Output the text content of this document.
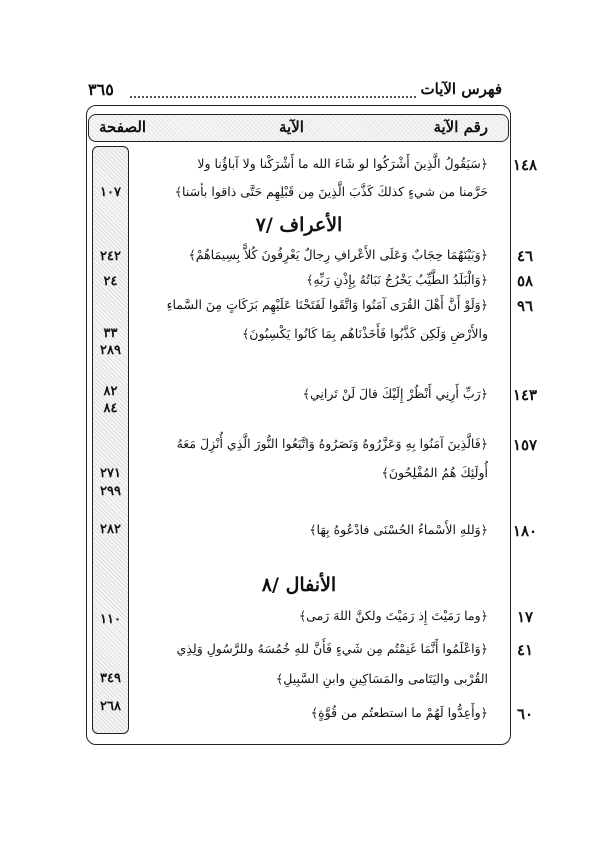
فهرس الآيات
٣٦٥
رقم الآية
الآية
الصفحة
١٤٨
﴿سَيَقُولُ الَّذِينَ أَشْرَكُوا لو شَاءَ الله ما أَشْرَكْنا ولا آباؤُنا ولا
حَرَّمنا من شيءٍ كذلكَ كَذَّبَ الَّذِينَ مِن قَبْلِهِم حَتَّى ذاقوا بأسَنا﴾
١٠٧
الأعراف /٧
٤٦
﴿وَبَيْنَهُمَا حِجَابٌ وَعَلَى الأَعْرافِ رِجالٌ يَعْرِفُونَ كُلاًّ بِسِيمَاهُمْ﴾
٢٤٢
٥٨
﴿وَالْبَلَدُ الطَّيِّبُ يَخْرُجُ نَبَاتُهُ بِإِذْنِ رَبِّهِ﴾
٢٤
٩٦
﴿وَلَوْ أَنَّ أَهْلَ القُرَى آمَنُوا وَاتَّقَوا لَفَتَحْنَا عَلَيْهِم بَرَكَاتٍ مِنَ السَّماءِ
والأَرْضِ وَلَكِن كَذَّبُوا فَأَخَذْنَاهُم بِمَا كَانُوا يَكْسِبُونَ﴾
٣٣
٢٨٩
١٤٣
﴿رَبِّ أَرِنِي أَنْظُرْ إِلَيْكَ قالَ لَنْ تَرانِي﴾
٨٢
٨٤
١٥٧
﴿فَالَّذِينَ آمَنُوا بِهِ وَعَزَّرُوهُ وَنَصَرُوهُ وَاتَّبَعُوا النُّورَ الَّذِي أُنْزِلَ مَعَهُ
أُولَئِكَ هُمُ المُفْلِحُونَ﴾
٢٧١
٢٩٩
١٨٠
﴿وَللهِ الأَسْماءُ الحُسْنَى فادْعُوهُ بِهَا﴾
٢٨٢
الأنفال /٨
١٧
﴿وما رَمَيْتَ إِذ رَمَيْتَ ولكنَّ اللهَ رَمى﴾
١١٠
٤١
﴿وَاعْلَمُوا أَنَّمَا غَنِمْتُم مِن شَيءٍ فَأَنَّ للهِ خُمُسَهُ وللرَّسُولِ وَلِذِي
القُرْبى واليَتَامى والمَسَاكِينِ وابنِ السَّبِيلِ﴾
٣٤٩
٦٠
﴿وأَعِدُّوا لَهُمْ ما استطعتُم من قُوَّةٍ﴾
٢٦٨
